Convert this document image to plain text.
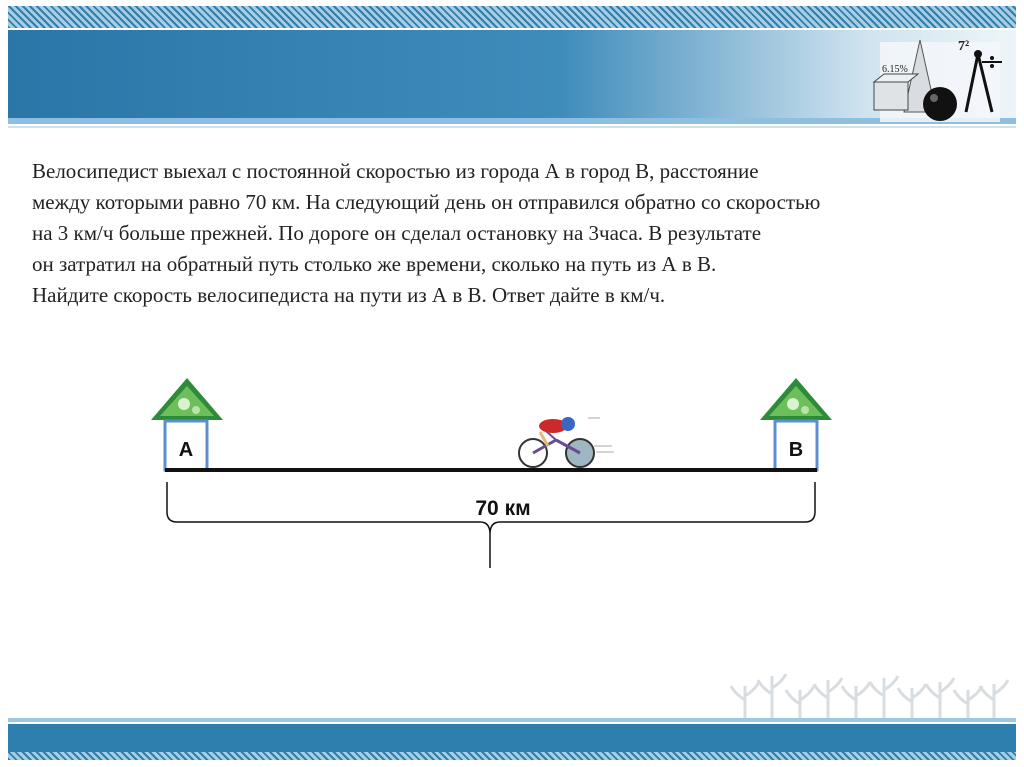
6.15%
7²
Велосипедист выехал с постоянной скоростью из города А в город В, расстояние
между которыми равно 70 км. На следующий день он отправился обратно со скоростью
на 3 км/ч больше прежней. По дороге он сделал остановку на 3часа. В результате
он затратил на обратный путь столько же времени, сколько на путь из А в В.
Найдите скорость велосипедиста на пути из А в В. Ответ дайте в км/ч.
A	B
70 км
